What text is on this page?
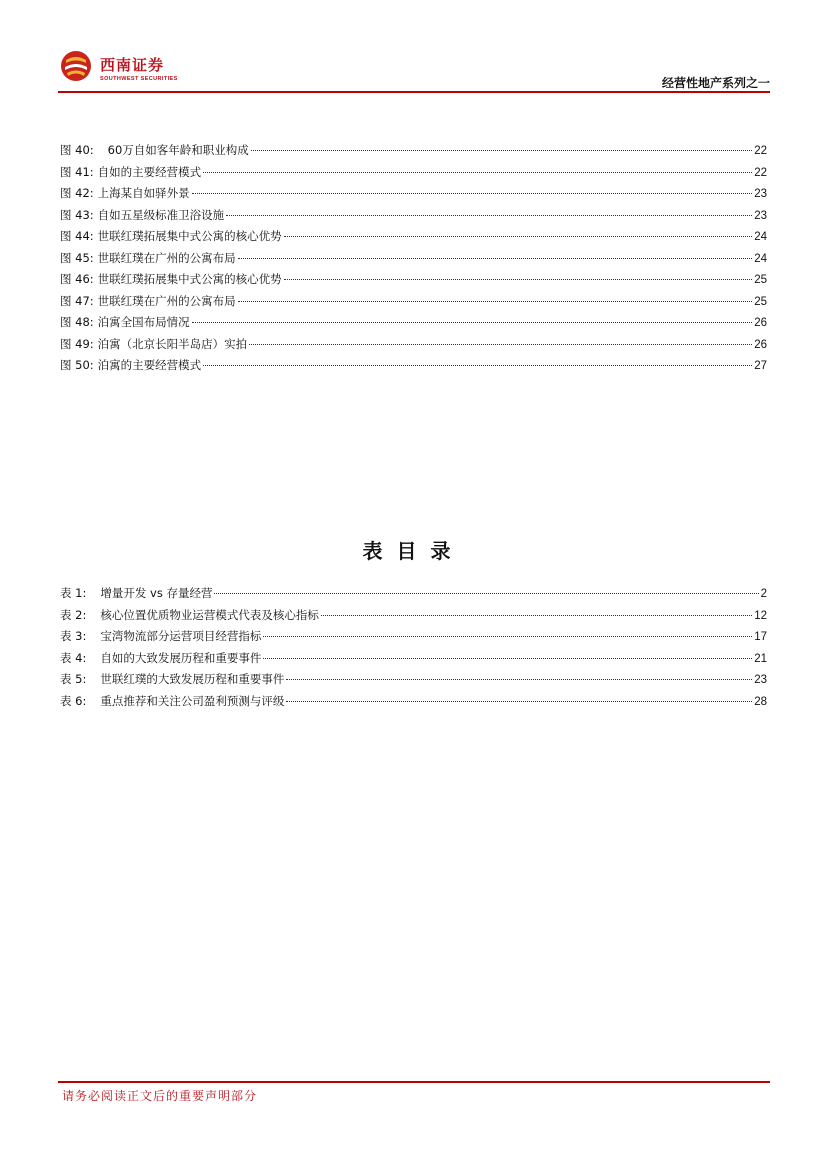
西南证券
SOUTHWEST SECURITIES	经营性地产系列之一
图 40: 60万自如客年龄和职业构成	22
图 41: 自如的主要经营模式	22
图 42: 上海某自如驿外景	23
图 43: 自如五星级标准卫浴设施	23
图 44: 世联红璞拓展集中式公寓的核心优势	24
图 45: 世联红璞在广州的公寓布局	24
图 46: 世联红璞拓展集中式公寓的核心优势	25
图 47: 世联红璞在广州的公寓布局	25
图 48: 泊寓全国布局情况	26
图 49: 泊寓（北京长阳半岛店）实拍	26
图 50: 泊寓的主要经营模式	27
表目录
表 1: 增量开发 vs 存量经营	2
表 2: 核心位置优质物业运营模式代表及核心指标	12
表 3: 宝湾物流部分运营项目经营指标	17
表 4: 自如的大致发展历程和重要事件	21
表 5: 世联红璞的大致发展历程和重要事件	23
表 6: 重点推荐和关注公司盈利预测与评级	28
请务必阅读正文后的重要声明部分
